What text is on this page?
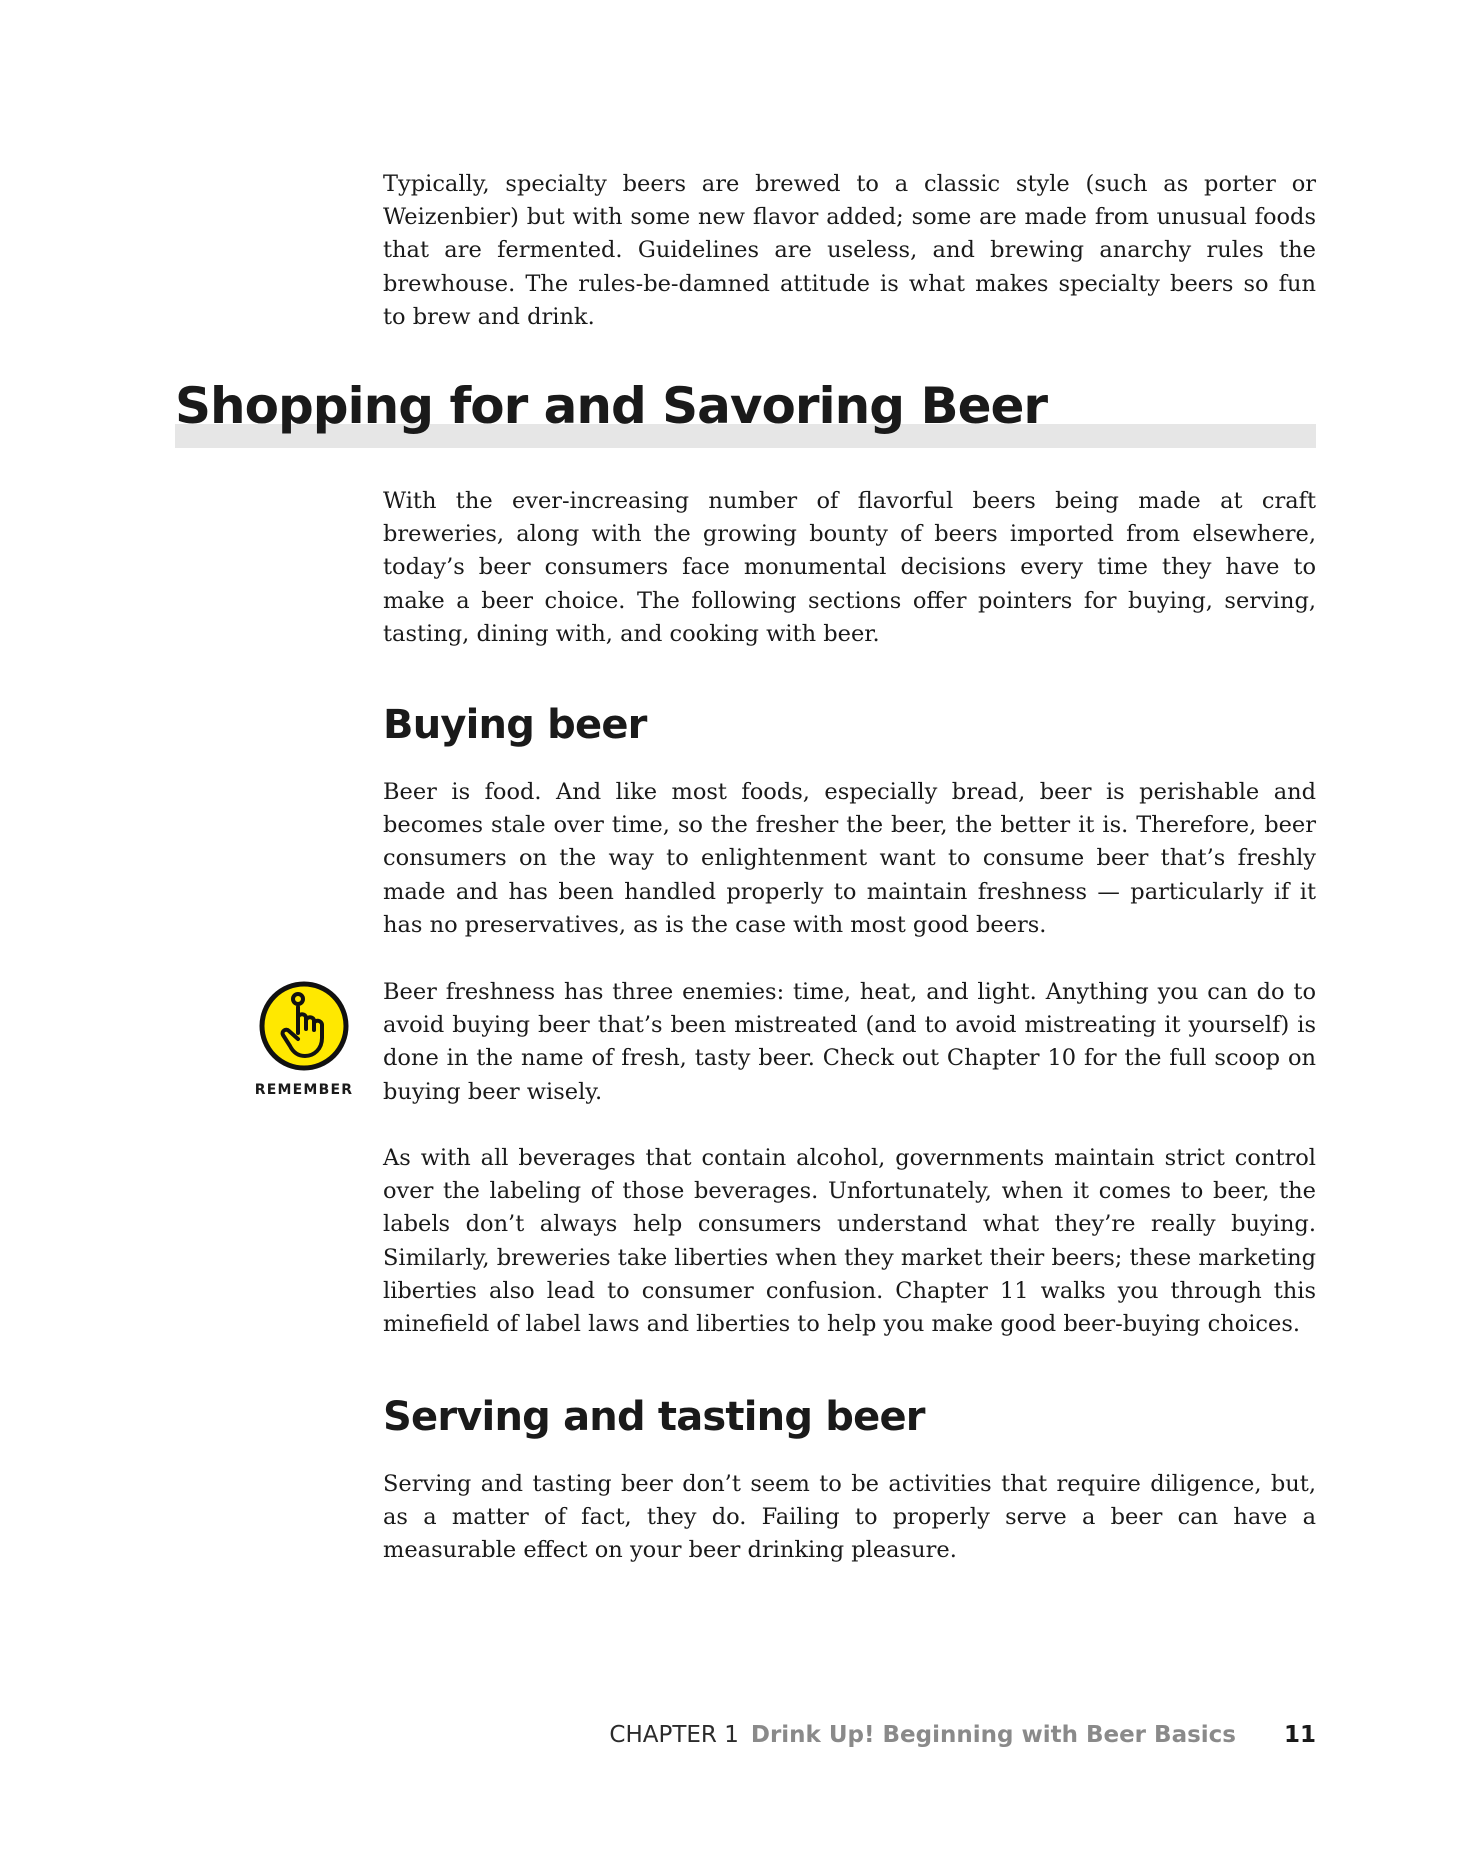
Typically, specialty beers are brewed to a classic style (such as porter or Weizenbier) but with some new flavor added; some are made from unusual foods that are fermented. Guidelines are useless, and brewing anarchy rules the brewhouse. The rules-be-damned attitude is what makes specialty beers so fun to brew and drink.

Shopping for and Savoring Beer

With the ever-increasing number of flavorful beers being made at craft breweries, along with the growing bounty of beers imported from elsewhere, today’s beer consumers face monumental decisions every time they have to make a beer choice. The following sections offer pointers for buying, serving, tasting, dining with, and cooking with beer.

Buying beer

Beer is food. And like most foods, especially bread, beer is perishable and becomes stale over time, so the fresher the beer, the better it is. Therefore, beer consumers on the way to enlightenment want to consume beer that’s freshly made and has been handled properly to maintain freshness — particularly if it has no preservatives, as is the case with most good beers.

REMEMBER

Beer freshness has three enemies: time, heat, and light. Anything you can do to avoid buying beer that’s been mistreated (and to avoid mistreating it yourself) is done in the name of fresh, tasty beer. Check out Chapter 10 for the full scoop on buying beer wisely.

As with all beverages that contain alcohol, governments maintain strict control over the labeling of those beverages. Unfortunately, when it comes to beer, the labels don’t always help consumers understand what they’re really buying. Similarly, breweries take liberties when they market their beers; these marketing liberties also lead to consumer confusion. Chapter 11 walks you through this minefield of label laws and liberties to help you make good beer-buying choices.

Serving and tasting beer

Serving and tasting beer don’t seem to be activities that require diligence, but, as a matter of fact, they do. Failing to properly serve a beer can have a measurable effect on your beer drinking pleasure.

CHAPTER 1 Drink Up! Beginning with Beer Basics 11
